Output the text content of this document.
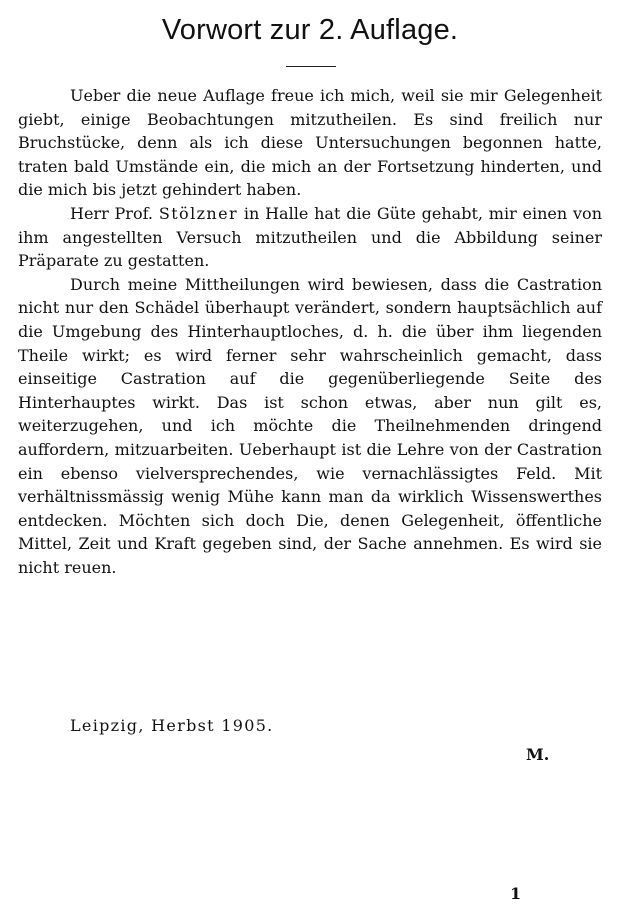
Vorwort zur 2. Auflage.

Ueber die neue Auflage freue ich mich, weil sie mir Gelegenheit giebt, einige Beobachtungen mitzutheilen. Es sind freilich nur Bruchstücke, denn als ich diese Untersuchungen begonnen hatte, traten bald Umstände ein, die mich an der Fortsetzung hinderten, und die mich bis jetzt gehindert haben.

Herr Prof. Stölzner in Halle hat die Güte gehabt, mir einen von ihm angestellten Versuch mitzutheilen und die Abbildung seiner Präparate zu gestatten.

Durch meine Mittheilungen wird bewiesen, dass die Castration nicht nur den Schädel überhaupt verändert, sondern hauptsächlich auf die Umgebung des Hinterhauptloches, d. h. die über ihm liegenden Theile wirkt; es wird ferner sehr wahrscheinlich gemacht, dass einseitige Castration auf die gegenüberliegende Seite des Hinterhauptes wirkt. Das ist schon etwas, aber nun gilt es, weiterzugehen, und ich möchte die Theilnehmenden dringend auffordern, mitzuarbeiten. Ueberhaupt ist die Lehre von der Castration ein ebenso vielversprechendes, wie vernachlässigtes Feld. Mit verhältnissmässig wenig Mühe kann man da wirklich Wissenswerthes entdecken. Möchten sich doch Die, denen Gelegenheit, öffentliche Mittel, Zeit und Kraft gegeben sind, der Sache annehmen. Es wird sie nicht reuen.

Leipzig, Herbst 1905.
M.
1
